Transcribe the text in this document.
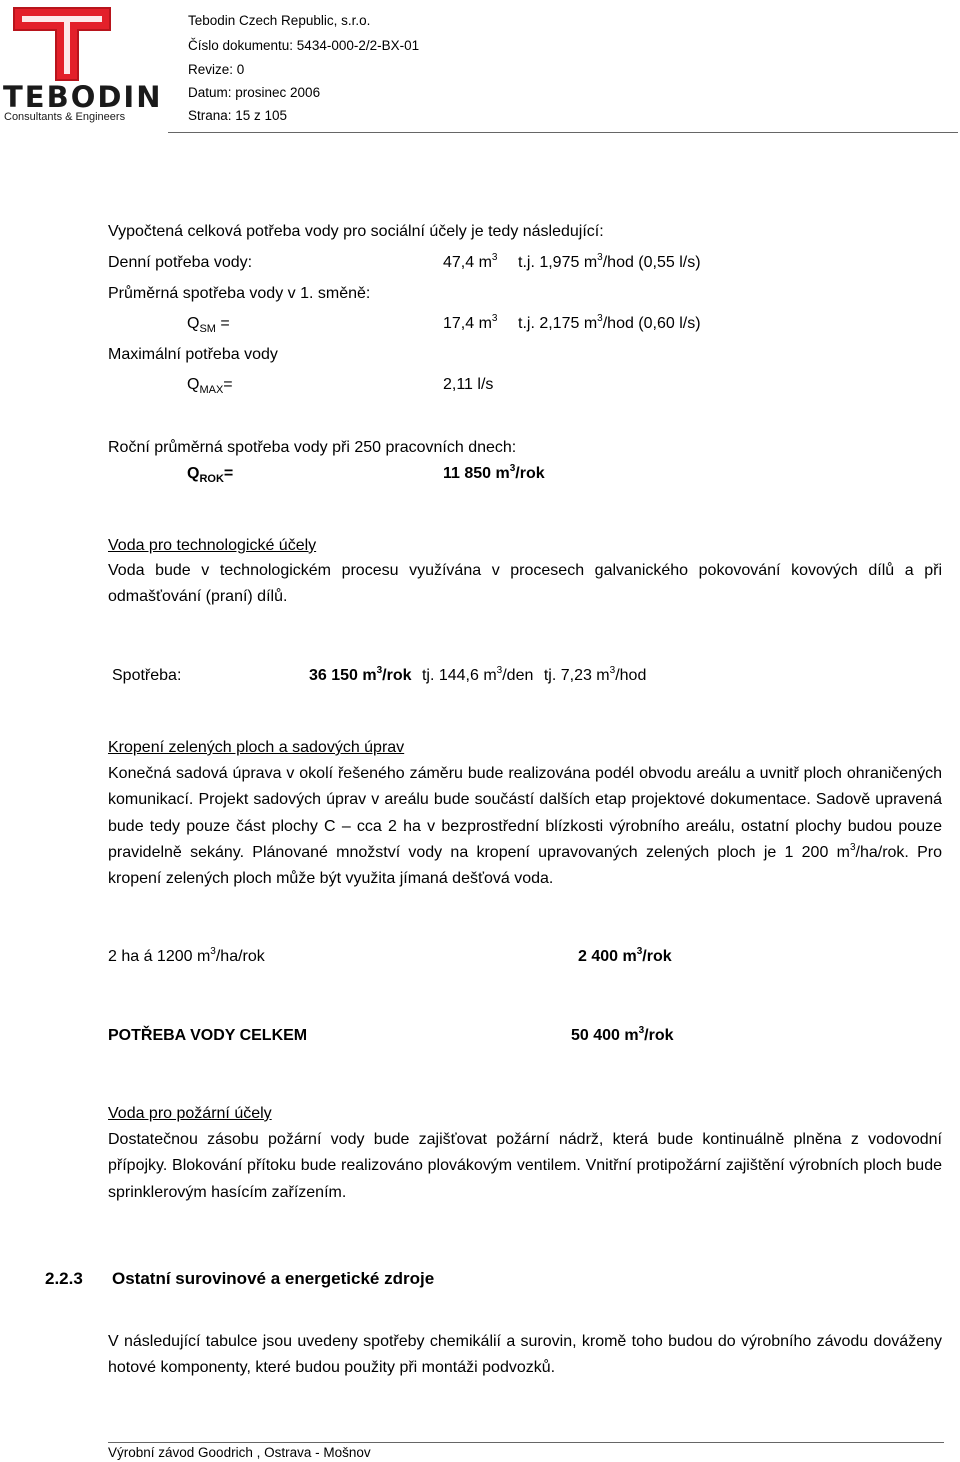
TEBODIN
Consultants & Engineers
Tebodin Czech Republic, s.r.o.
Číslo dokumentu: 5434-000-2/2-BX-01
Revize: 0
Datum: prosinec 2006
Strana: 15 z 105
Vypočtená celková potřeba vody pro sociální účely je tedy následující:
Denní potřeba vody:	47,4 $m^3$ t.j. 1,975 $m^3$/hod (0,55 l/s)
Průměrná spotřeba vody v 1. směně:
$Q_{SM}$ =	17,4 $m^3$ t.j. 2,175 $m^3$/hod (0,60 l/s)
Maximální potřeba vody
$Q_{MAX}=$	2,11 l/s
Roční průměrná spotřeba vody při 250 pracovních dnech:
$Q_{ROK}=$	11 850 $m^3$/rok
Voda pro technologické účely
Voda bude v technologickém procesu využívána v procesech galvanického pokovování kovových dílů a při odmašťování (praní) dílů.
Spotřeba:	36 150 $m^3$/rok tj. 144,6 $m^3$/den tj. 7,23 $m^3$/hod
Kropení zelených ploch a sadových úprav
Konečná sadová úprava v okolí řešeného záměru bude realizována podél obvodu areálu a uvnitř ploch ohraničených komunikací. Projekt sadových úprav v areálu bude součástí dalších etap projektové dokumentace. Sadově upravená bude tedy pouze část plochy C – cca 2 ha v bezprostřední blízkosti výrobního areálu, ostatní plochy budou pouze pravidelně sekány. Plánované množství vody na kropení upravovaných zelených ploch je 1 200 $m^3/ha$/rok. Pro kropení zelených ploch může být využita jímaná dešťová voda.
2 ha á 1200 $m^3/ha$/rok	2 400 $m^3$/rok
POTŘEBA VODY CELKEM	50 400 $m^3$/rok
Voda pro požární účely
Dostatečnou zásobu požární vody bude zajišťovat požární nádrž, která bude kontinuálně plněna z vodovodní přípojky. Blokování přítoku bude realizováno plovákovým ventilem. Vnitřní protipožární zajištění výrobních ploch bude sprinklerovým hasícím zařízením.
2.2.3 Ostatní surovinové a energetické zdroje
V následující tabulce jsou uvedeny spotřeby chemikálií a surovin, kromě toho budou do výrobního závodu dováženy hotové komponenty, které budou použity při montáži podvozků.
Výrobní závod Goodrich , Ostrava - Mošnov
